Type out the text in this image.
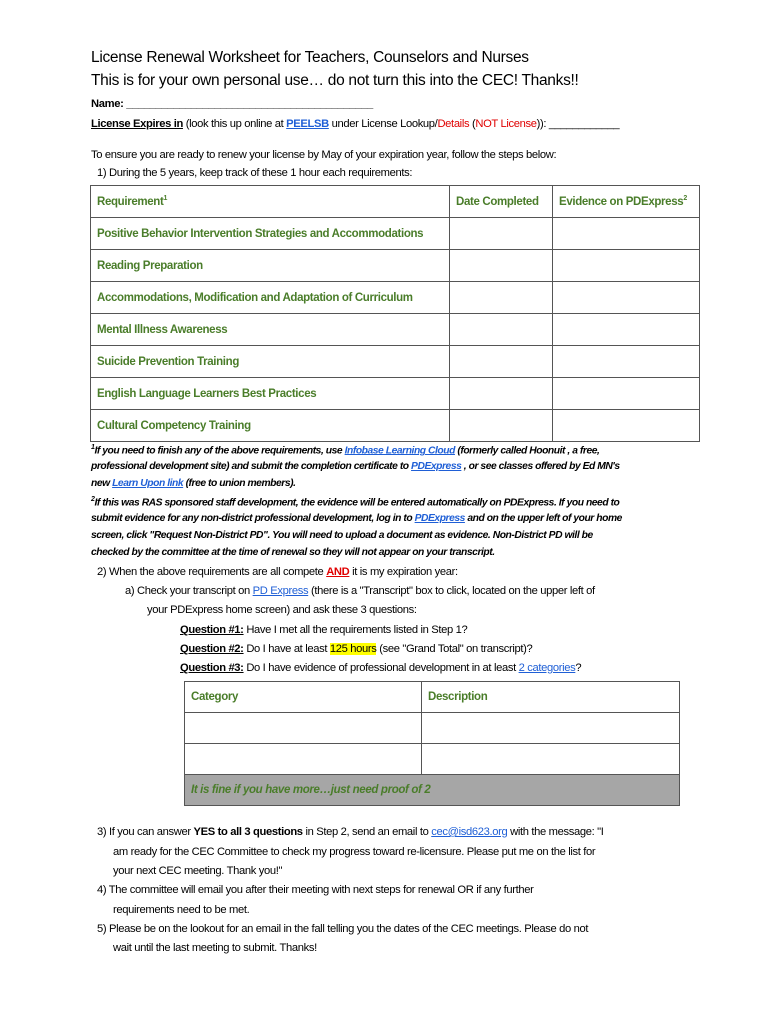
License Renewal Worksheet for Teachers, Counselors and Nurses
This is for your own personal use… do not turn this into the CEC! Thanks!!
Name: __________________________________________
License Expires in (look this up online at PEELSB under License Lookup/Details (NOT License)): ____________
To ensure you are ready to renew your license by May of your expiration year, follow the steps below:
1) During the 5 years, keep track of these 1 hour each requirements:
Requirement$^1$	Date Completed	Evidence on PDExpress$^2$
Positive Behavior Intervention Strategies and Accommodations		
Reading Preparation		
Accommodations, Modification and Adaptation of Curriculum		
Mental Illness Awareness		
Suicide Prevention Training		
English Language Learners Best Practices		
Cultural Competency Training		
$^1$If you need to finish any of the above requirements, use Infobase Learning Cloud (formerly called Hoonuit , a free,
professional development site) and submit the completion certificate to PDExpress , or see classes offered by Ed MN's
new Learn Upon link (free to union members).
$^2$If this was RAS sponsored staff development, the evidence will be entered automatically on PDExpress. If you need to
submit evidence for any non-district professional development, log in to PDExpress and on the upper left of your home
screen, click "Request Non-District PD". You will need to upload a document as evidence. Non-District PD will be
checked by the committee at the time of renewal so they will not appear on your transcript.
2) When the above requirements are all compete AND it is my expiration year:
a) Check your transcript on PD Express (there is a "Transcript" box to click, located on the upper left of
your PDExpress home screen) and ask these 3 questions:
Question #1: Have I met all the requirements listed in Step 1?
Question #2: Do I have at least 125 hours (see "Grand Total" on transcript)?
Question #3: Do I have evidence of professional development in at least 2 categories?
Category	Description

It is fine if you have more…just need proof of 2	
3) If you can answer YES to all 3 questions in Step 2, send an email to cec@isd623.org with the message: "I
am ready for the CEC Committee to check my progress toward re-licensure. Please put me on the list for
your next CEC meeting. Thank you!"
4) The committee will email you after their meeting with next steps for renewal OR if any further
requirements need to be met.
5) Please be on the lookout for an email in the fall telling you the dates of the CEC meetings. Please do not
wait until the last meeting to submit. Thanks!
